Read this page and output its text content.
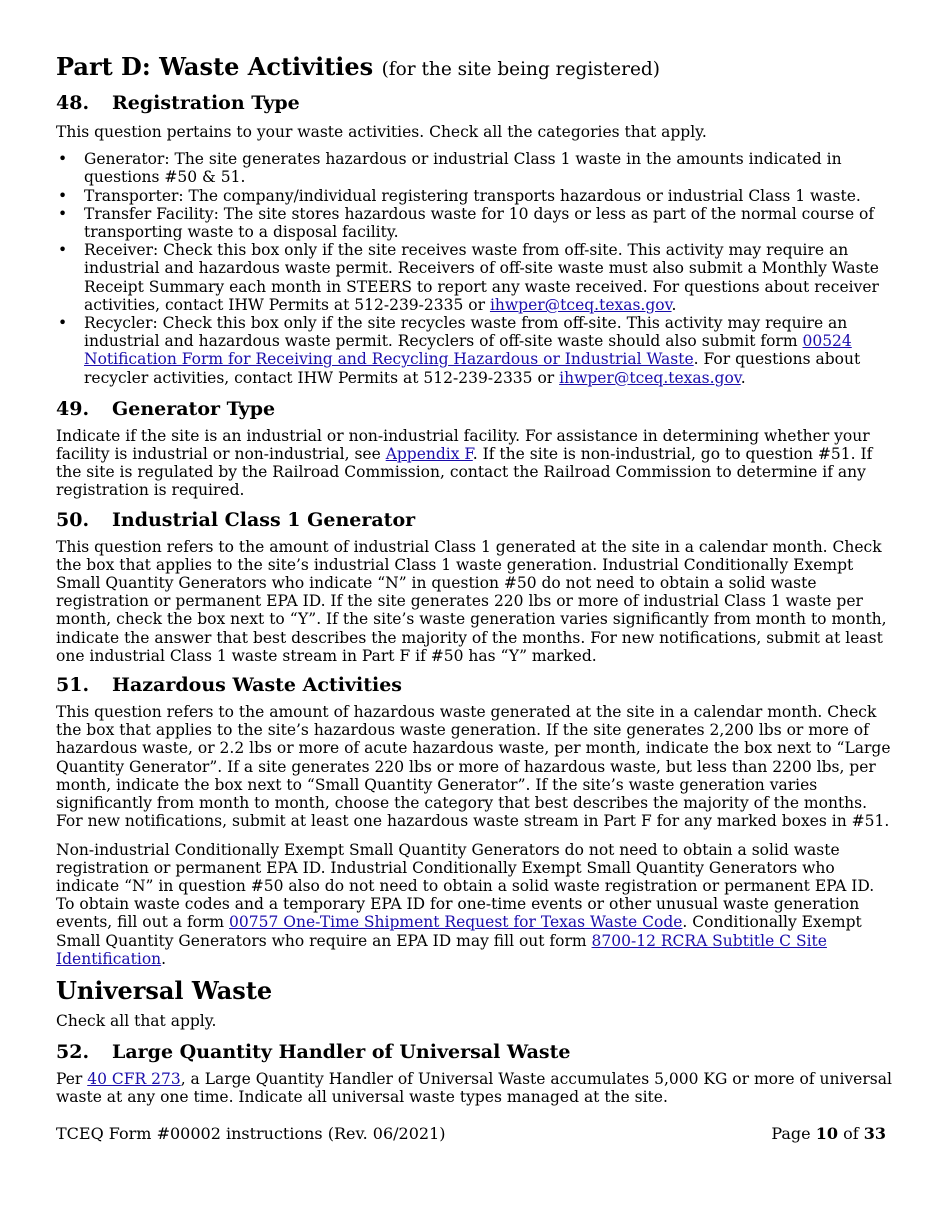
Part D: Waste Activities (for the site being registered)
48. Registration Type

This question pertains to your waste activities. Check all the categories that apply.

• Generator: The site generates hazardous or industrial Class 1 waste in the amounts indicated in questions #50 & 51.
• Transporter: The company/individual registering transports hazardous or industrial Class 1 waste.
• Transfer Facility: The site stores hazardous waste for 10 days or less as part of the normal course of transporting waste to a disposal facility.
• Receiver: Check this box only if the site receives waste from off-site. This activity may require an industrial and hazardous waste permit. Receivers of off-site waste must also submit a Monthly Waste Receipt Summary each month in STEERS to report any waste received. For questions about receiver activities, contact IHW Permits at 512-239-2335 or ihwper@tceq.texas.gov.
• Recycler: Check this box only if the site recycles waste from off-site. This activity may require an industrial and hazardous waste permit. Recyclers of off-site waste should also submit form 00524 Notification Form for Receiving and Recycling Hazardous or Industrial Waste. For questions about recycler activities, contact IHW Permits at 512-239-2335 or ihwper@tceq.texas.gov.
49. Generator Type

Indicate if the site is an industrial or non-industrial facility. For assistance in determining whether your facility is industrial or non-industrial, see Appendix F. If the site is non-industrial, go to question #51. If the site is regulated by the Railroad Commission, contact the Railroad Commission to determine if any registration is required.

50. Industrial Class 1 Generator

This question refers to the amount of industrial Class 1 generated at the site in a calendar month. Check the box that applies to the site’s industrial Class 1 waste generation. Industrial Conditionally Exempt Small Quantity Generators who indicate “N” in question #50 do not need to obtain a solid waste registration or permanent EPA ID. If the site generates 220 lbs or more of industrial Class 1 waste per month, check the box next to “Y”. If the site’s waste generation varies significantly from month to month, indicate the answer that best describes the majority of the months. For new notifications, submit at least one industrial Class 1 waste stream in Part F if #50 has “Y” marked.

51. Hazardous Waste Activities

This question refers to the amount of hazardous waste generated at the site in a calendar month. Check the box that applies to the site’s hazardous waste generation. If the site generates 2,200 lbs or more of hazardous waste, or 2.2 lbs or more of acute hazardous waste, per month, indicate the box next to “Large Quantity Generator”. If a site generates 220 lbs or more of hazardous waste, but less than 2200 lbs, per month, indicate the box next to “Small Quantity Generator”. If the site’s waste generation varies significantly from month to month, choose the category that best describes the majority of the months. For new notifications, submit at least one hazardous waste stream in Part F for any marked boxes in #51.

Non-industrial Conditionally Exempt Small Quantity Generators do not need to obtain a solid waste registration or permanent EPA ID. Industrial Conditionally Exempt Small Quantity Generators who indicate “N” in question #50 also do not need to obtain a solid waste registration or permanent EPA ID. To obtain waste codes and a temporary EPA ID for one-time events or other unusual waste generation events, fill out a form 00757 One-Time Shipment Request for Texas Waste Code. Conditionally Exempt Small Quantity Generators who require an EPA ID may fill out form 8700-12 RCRA Subtitle C Site Identification.

Universal Waste

Check all that apply.

52. Large Quantity Handler of Universal Waste

Per 40 CFR 273, a Large Quantity Handler of Universal Waste accumulates 5,000 KG or more of universal waste at any one time. Indicate all universal waste types managed at the site.

TCEQ Form #00002 instructions (Rev. 06/2021)	Page 10 of 33
